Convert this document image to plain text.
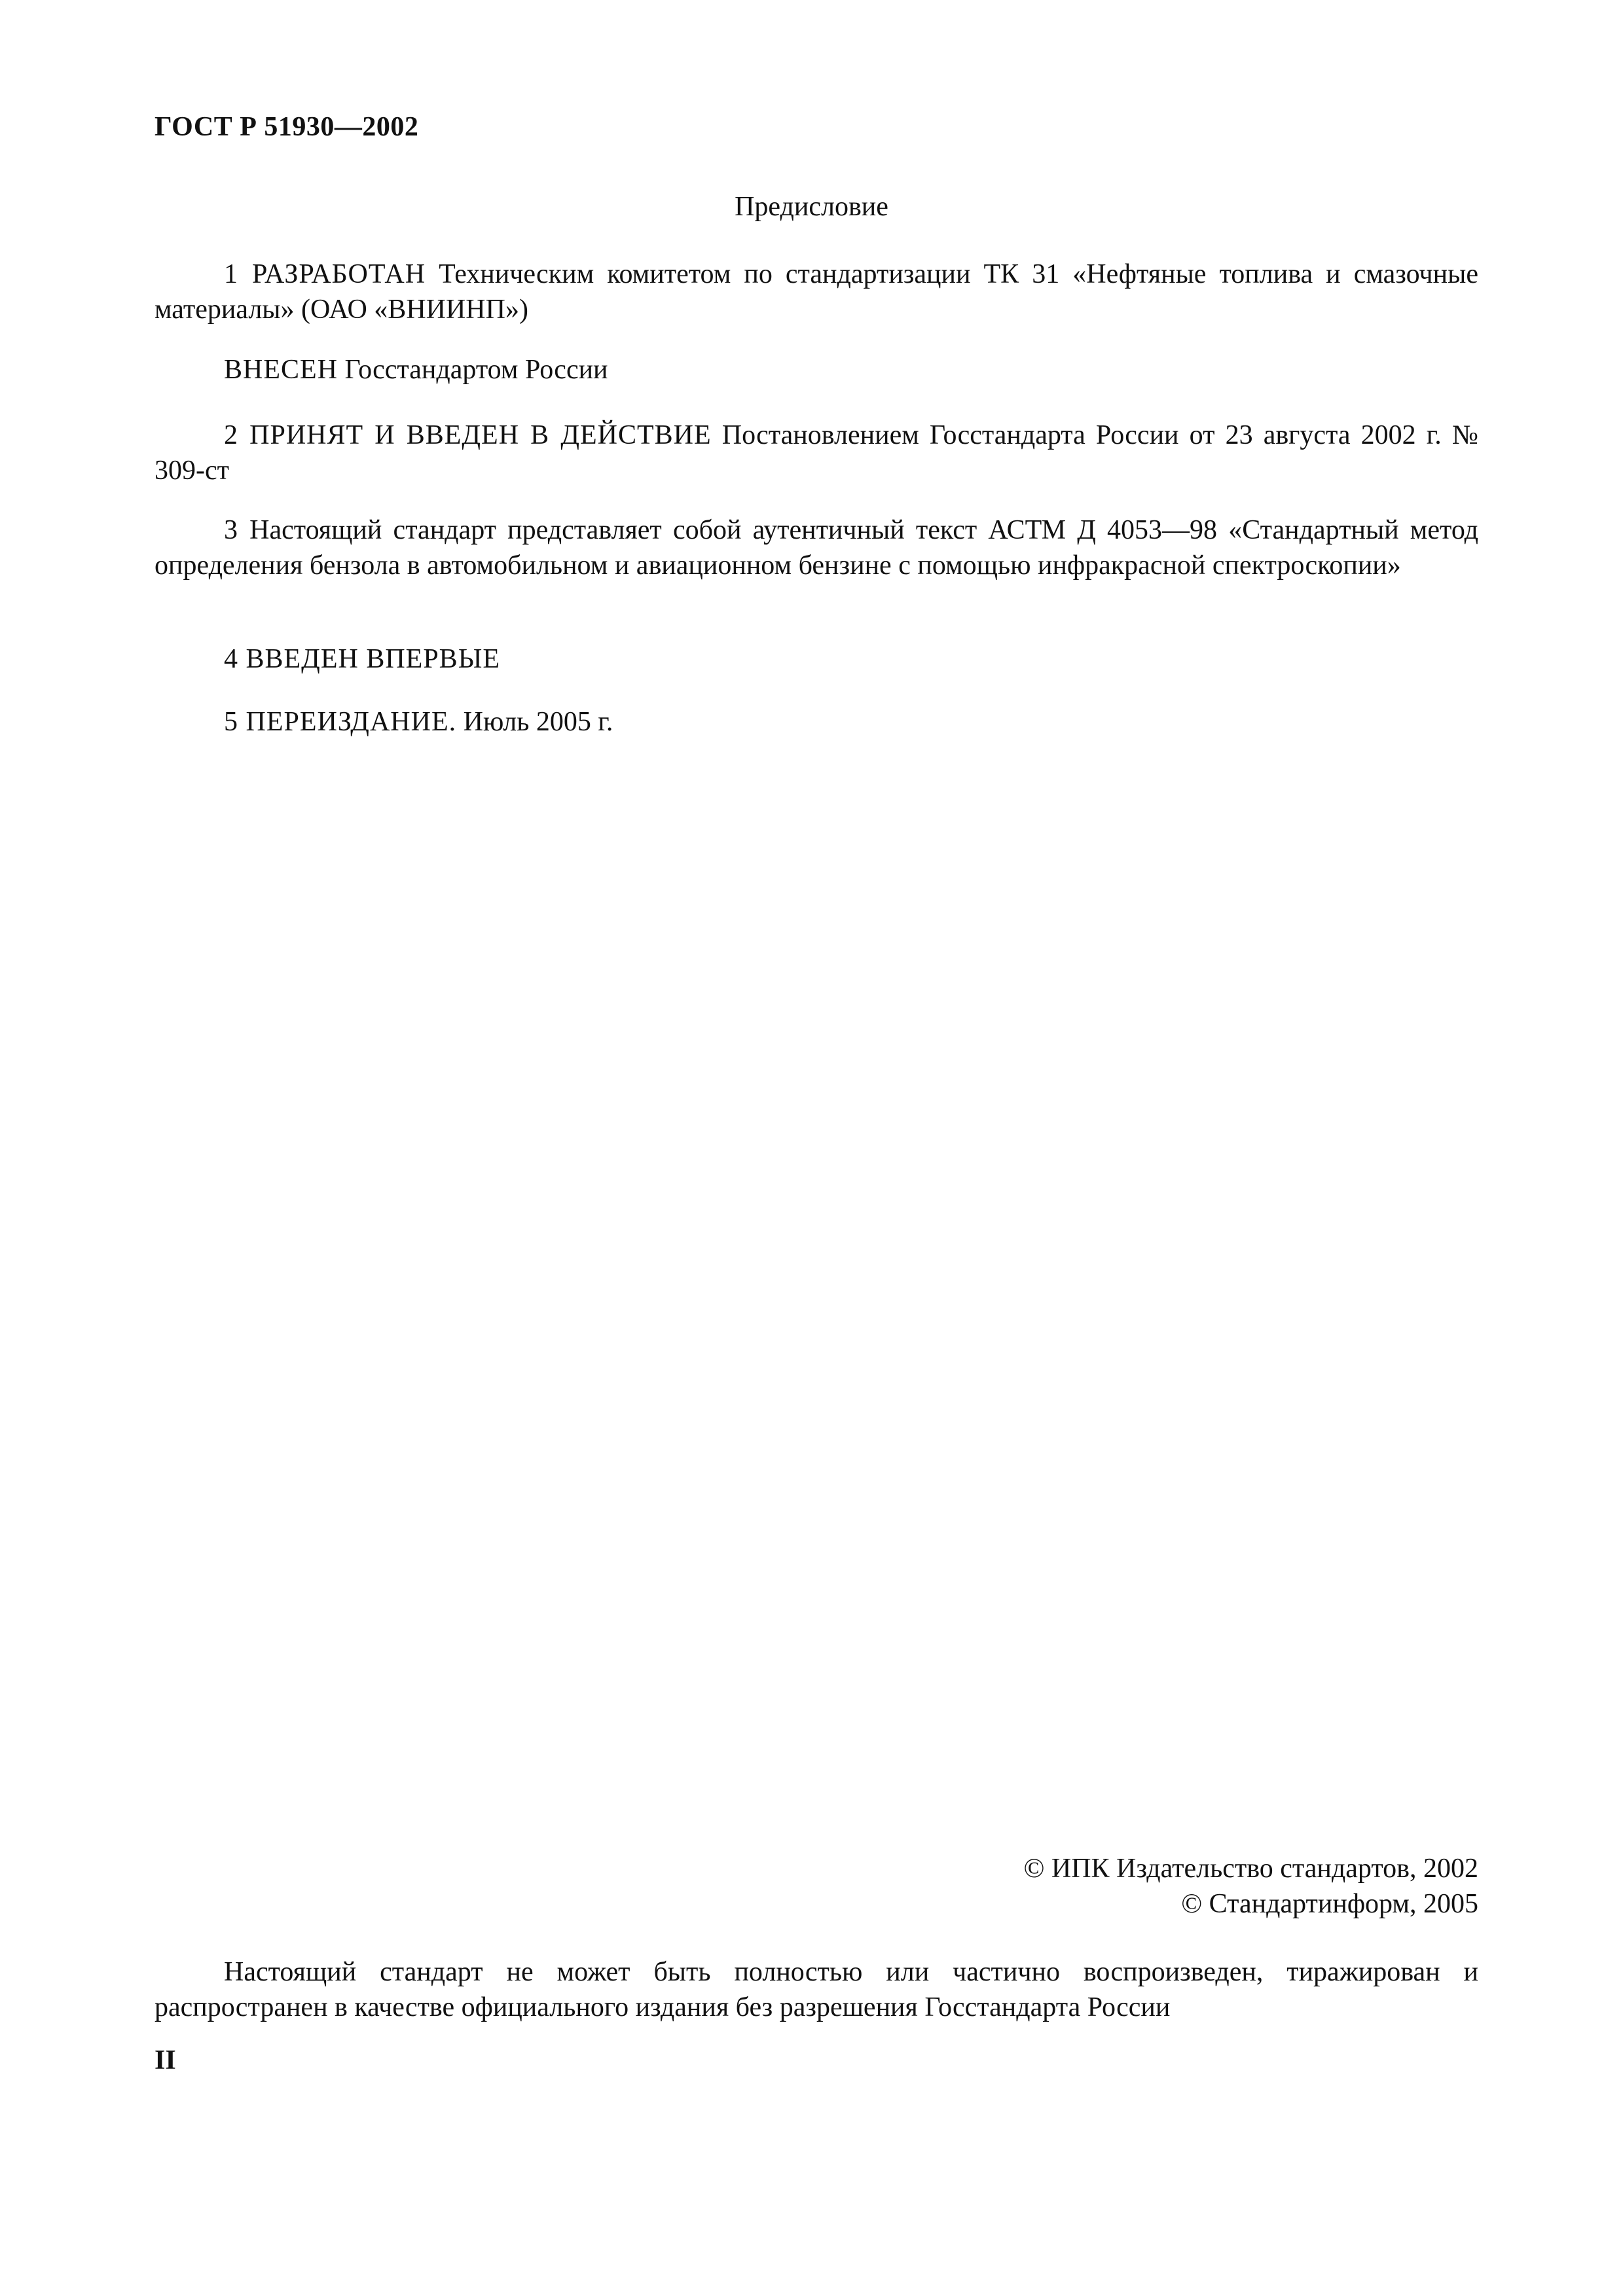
ГОСТ Р 51930—2002
Предисловие
1 РАЗРАБОТАН Техническим комитетом по стандартизации ТК 31 «Нефтяные топлива и смазочные материалы» (ОАО «ВНИИНП»)
ВНЕСЕН Госстандартом России
2 ПРИНЯТ И ВВЕДЕН В ДЕЙСТВИЕ Постановлением Госстандарта России от 23 августа 2002 г. № 309-ст
3 Настоящий стандарт представляет собой аутентичный текст АСТМ Д 4053—98 «Стандартный метод определения бензола в автомобильном и авиационном бензине с помощью инфракрасной спектроскопии»
4 ВВЕДЕН ВПЕРВЫЕ
5 ПЕРЕИЗДАНИЕ. Июль 2005 г.
© ИПК Издательство стандартов, 2002
© Стандартинформ, 2005
Настоящий стандарт не может быть полностью или частично воспроизведен, тиражирован и распространен в качестве официального издания без разрешения Госстандарта России
II
